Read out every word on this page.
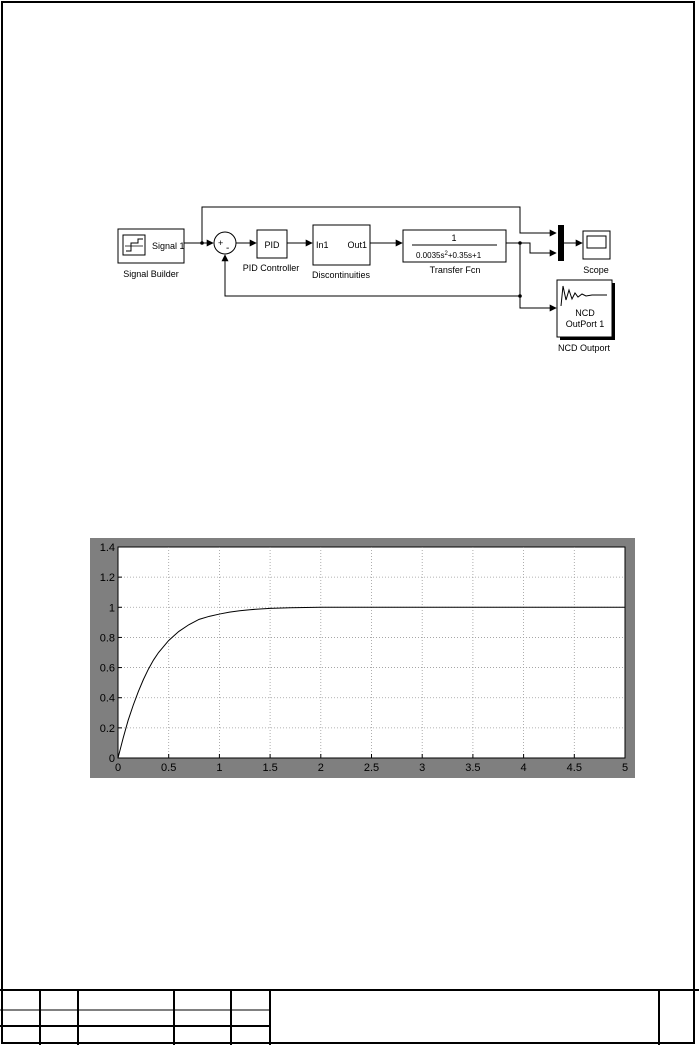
Signal 1
Signal Builder
+ -	PID
PID Controller
In1 Out1
Discontinuities
1
$0.0035s^2+0.35s+1$
Transfer Fcn	Scope
NCD
OutPort 1
NCD Outport
0	0.5	1	1.5	2	2.5	3	3.5	4	4.5	5
0
0.2
0.4
0.6
0.8
1
1.2
1.4
